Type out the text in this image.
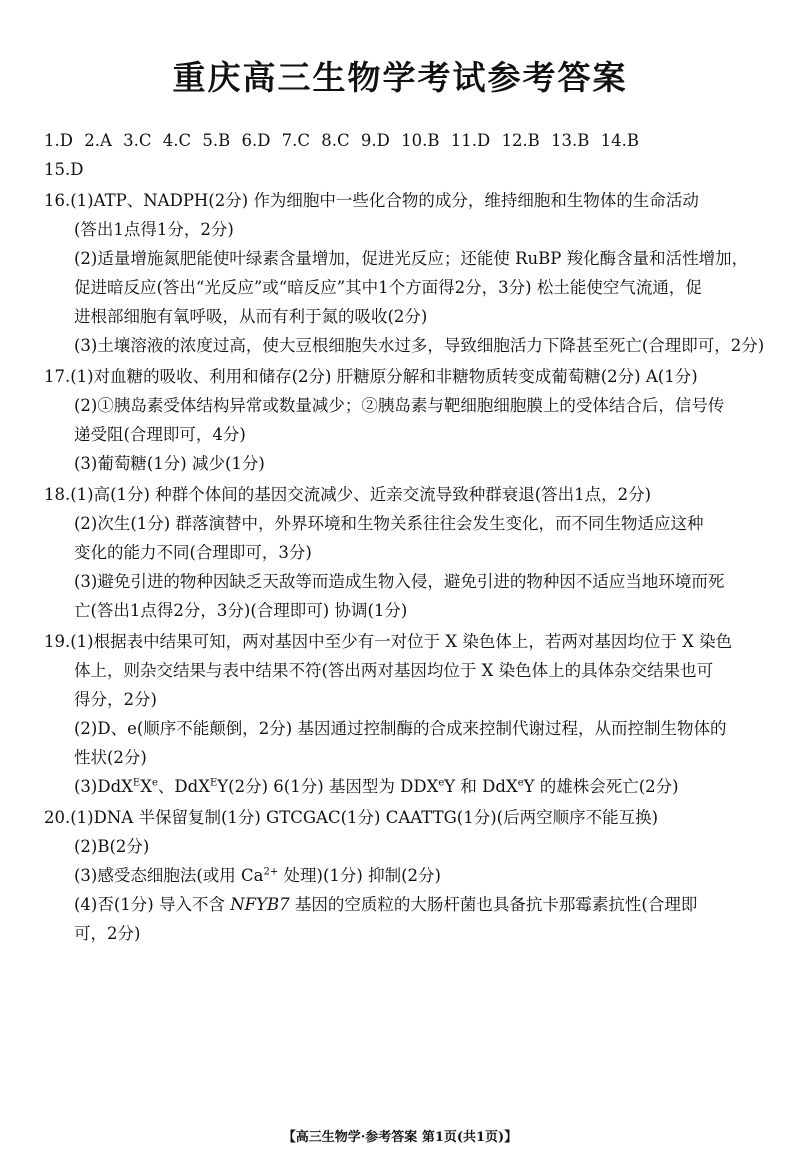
重庆高三生物学考试参考答案
1.D 2.A 3.C 4.C 5.B 6.D 7.C 8.C 9.D 10.B 11.D 12.B 13.B 14.B
15.D
16.(1)ATP、NADPH(2分) 作为细胞中一些化合物的成分，维持细胞和生物体的生命活动
(答出1点得1分，2分)
(2)适量增施氮肥能使叶绿素含量增加，促进光反应；还能使 RuBP 羧化酶含量和活性增加，
促进暗反应(答出“光反应”或“暗反应”其中1个方面得2分，3分) 松土能使空气流通，促
进根部细胞有氧呼吸，从而有利于氮的吸收(2分)
(3)土壤溶液的浓度过高，使大豆根细胞失水过多，导致细胞活力下降甚至死亡(合理即可，2分)
17.(1)对血糖的吸收、利用和储存(2分) 肝糖原分解和非糖物质转变成葡萄糖(2分) A(1分)
(2)①胰岛素受体结构异常或数量减少；②胰岛素与靶细胞细胞膜上的受体结合后，信号传
递受阻(合理即可，4分)
(3)葡萄糖(1分) 减少(1分)
18.(1)高(1分) 种群个体间的基因交流减少、近亲交流导致种群衰退(答出1点，2分)
(2)次生(1分) 群落演替中，外界环境和生物关系往往会发生变化，而不同生物适应这种
变化的能力不同(合理即可，3分)
(3)避免引进的物种因缺乏天敌等而造成生物入侵，避免引进的物种因不适应当地环境而死
亡(答出1点得2分，3分)(合理即可) 协调(1分)
19.(1)根据表中结果可知，两对基因中至少有一对位于 X 染色体上，若两对基因均位于 X 染色
体上，则杂交结果与表中结果不符(答出两对基因均位于 X 染色体上的具体杂交结果也可
得分，2分)
(2)D、e(顺序不能颠倒，2分) 基因通过控制酶的合成来控制代谢过程，从而控制生物体的
性状(2分)
(3)DdX$^E$Xe、DdX$^E$Y(2分) 6(1分) 基因型为 DDXeY 和 DdX$^e$Y 的雄株会死亡(2分)
20.(1)DNA 半保留复制(1分) GTCGAC(1分) CAATTG(1分)(后两空顺序不能互换)
(2)B(2分)
(3)感受态细胞法(或用 $Ca^{2+}$ 处理)(1分) 抑制(2分)
(4)否(1分) 导入不含 NFYB7 基因的空质粒的大肠杆菌也具备抗卡那霉素抗性(合理即
可，2分)
【高三生物学·参考答案 第1页(共1页)】
